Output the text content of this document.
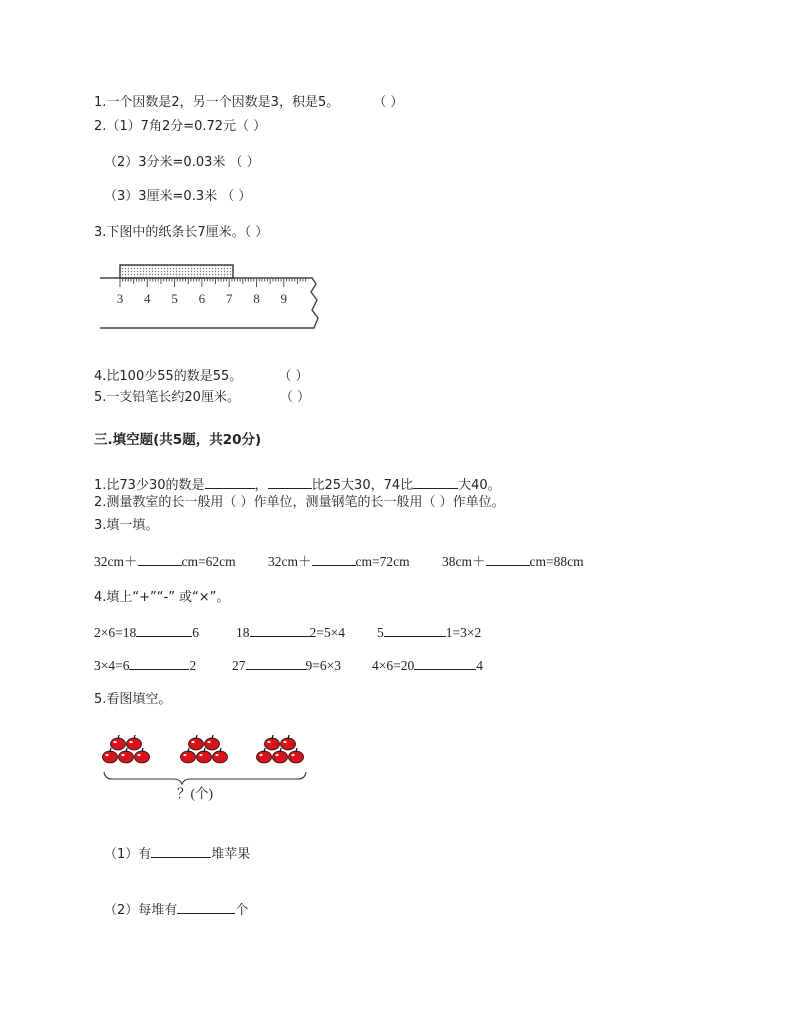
1.一个因数是2，另一个因数是3，积是5。	（ ）
2.（1）7角2分=0.72元（ ）
（2）3分米=0.03米 （ ）
（3）3厘米=0.3米 （ ）
3.下图中的纸条长7厘米。（ ）
3 4 5 6 7 8 9
4.比100少55的数是55。	（ ）
5.一支铅笔长约20厘米。	（ ）
三.填空题(共5题，共20分)
1.比73少30的数是	，	比25大30，74比	大40。
2.测量教室的长一般用（ ）作单位，测量钢笔的长一般用（ ）作单位。
3.填一填。
32cm＋	cm=62cm 32cm＋	cm=72cm 38cm＋	cm=88cm
4.填上“+”“-” 或“×”。
2×6=18	6	18	2=5×4 5	1=3×2
3×4=6	2	27	9=6×3 4×6=20	4
5.看图填空。
？(个)
（1）有	堆苹果
（2）每堆有	个
